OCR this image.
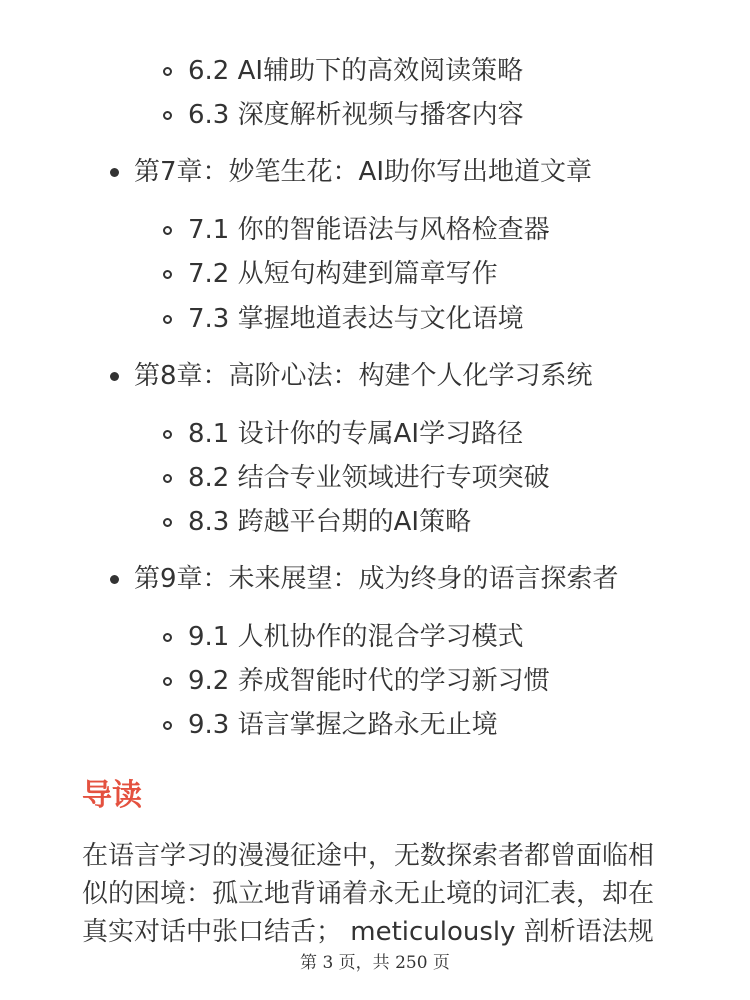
6.2 AI辅助下的高效阅读策略
6.3 深度解析视频与播客内容
第7章：妙笔生花：AI助你写出地道文章
7.1 你的智能语法与风格检查器
7.2 从短句构建到篇章写作
7.3 掌握地道表达与文化语境
第8章：高阶心法：构建个人化学习系统
8.1 设计你的专属AI学习路径
8.2 结合专业领域进行专项突破
8.3 跨越平台期的AI策略
第9章：未来展望：成为终身的语言探索者
9.1 人机协作的混合学习模式
9.2 养成智能时代的学习新习惯
9.3 语言掌握之路永无止境
导读
在语言学习的漫漫征途中，无数探索者都曾面临相
似的困境：孤立地背诵着永无止境的词汇表，却在
真实对话中张口结舌； meticulously 剖析语法规
第 3 页，共 250 页
